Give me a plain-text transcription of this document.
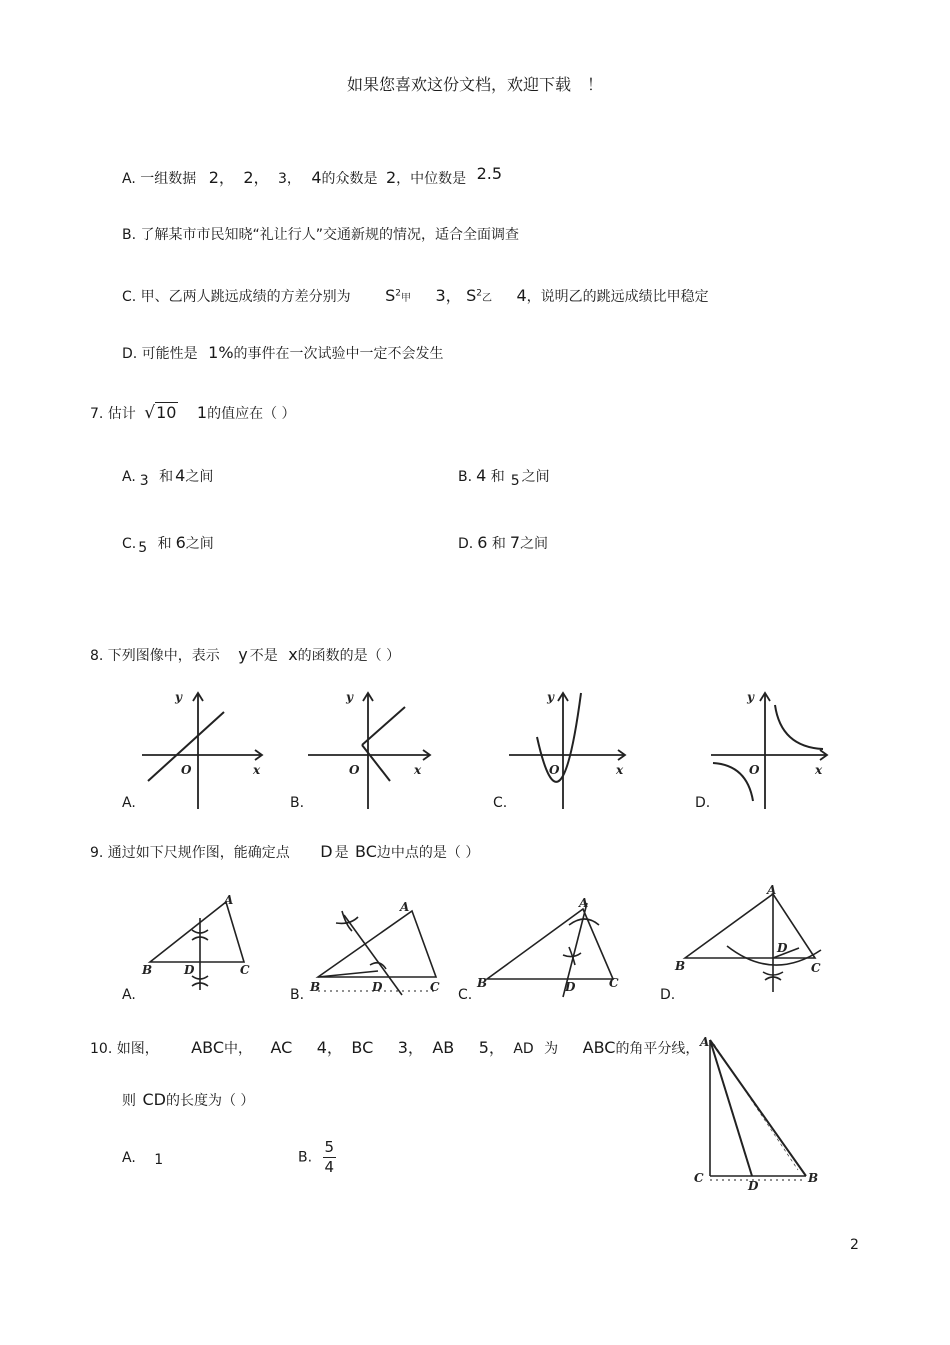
如果您喜欢这份文档，欢迎下载　！
A. 一组数据 2， 2， 3， 4的众数是 2，中位数是 2.5
B. 了解某市市民知晓“礼让行人”交通新规的情况，适合全面调查
C. 甲、乙两人跳远成绩的方差分别为 $S^2$甲 3， $S^2$乙 4，说明乙的跳远成绩比甲稳定
D. 可能性是 1%的事件在一次试验中一定不会发生
7. 估计 √10 1的值应在（ ）
A. 3 和 4之间	B. 4 和 5 之间
C. 5 和 6之间	D. 6 和 7之间
8. 下列图像中，表示 y 不是 x的函数的是（ ）
y
x
O
A.
y
x
O
B.
y
x
O
C.
y
x
O
D.
9. 通过如下尺规作图，能确定点 D 是 BC边中点的是（ ）
A
B	C
D
A.
A
B	C
D
B.
A
B	C
D
C.
A
B	C
D
D.
10. 如图， ABC中， AC 4， BC 3， AB 5， AD 为 ABC的角平分线，
则 CD的长度为（ ）
A. 1	B. $\frac{5}{4}$
A
C	B
D
2
